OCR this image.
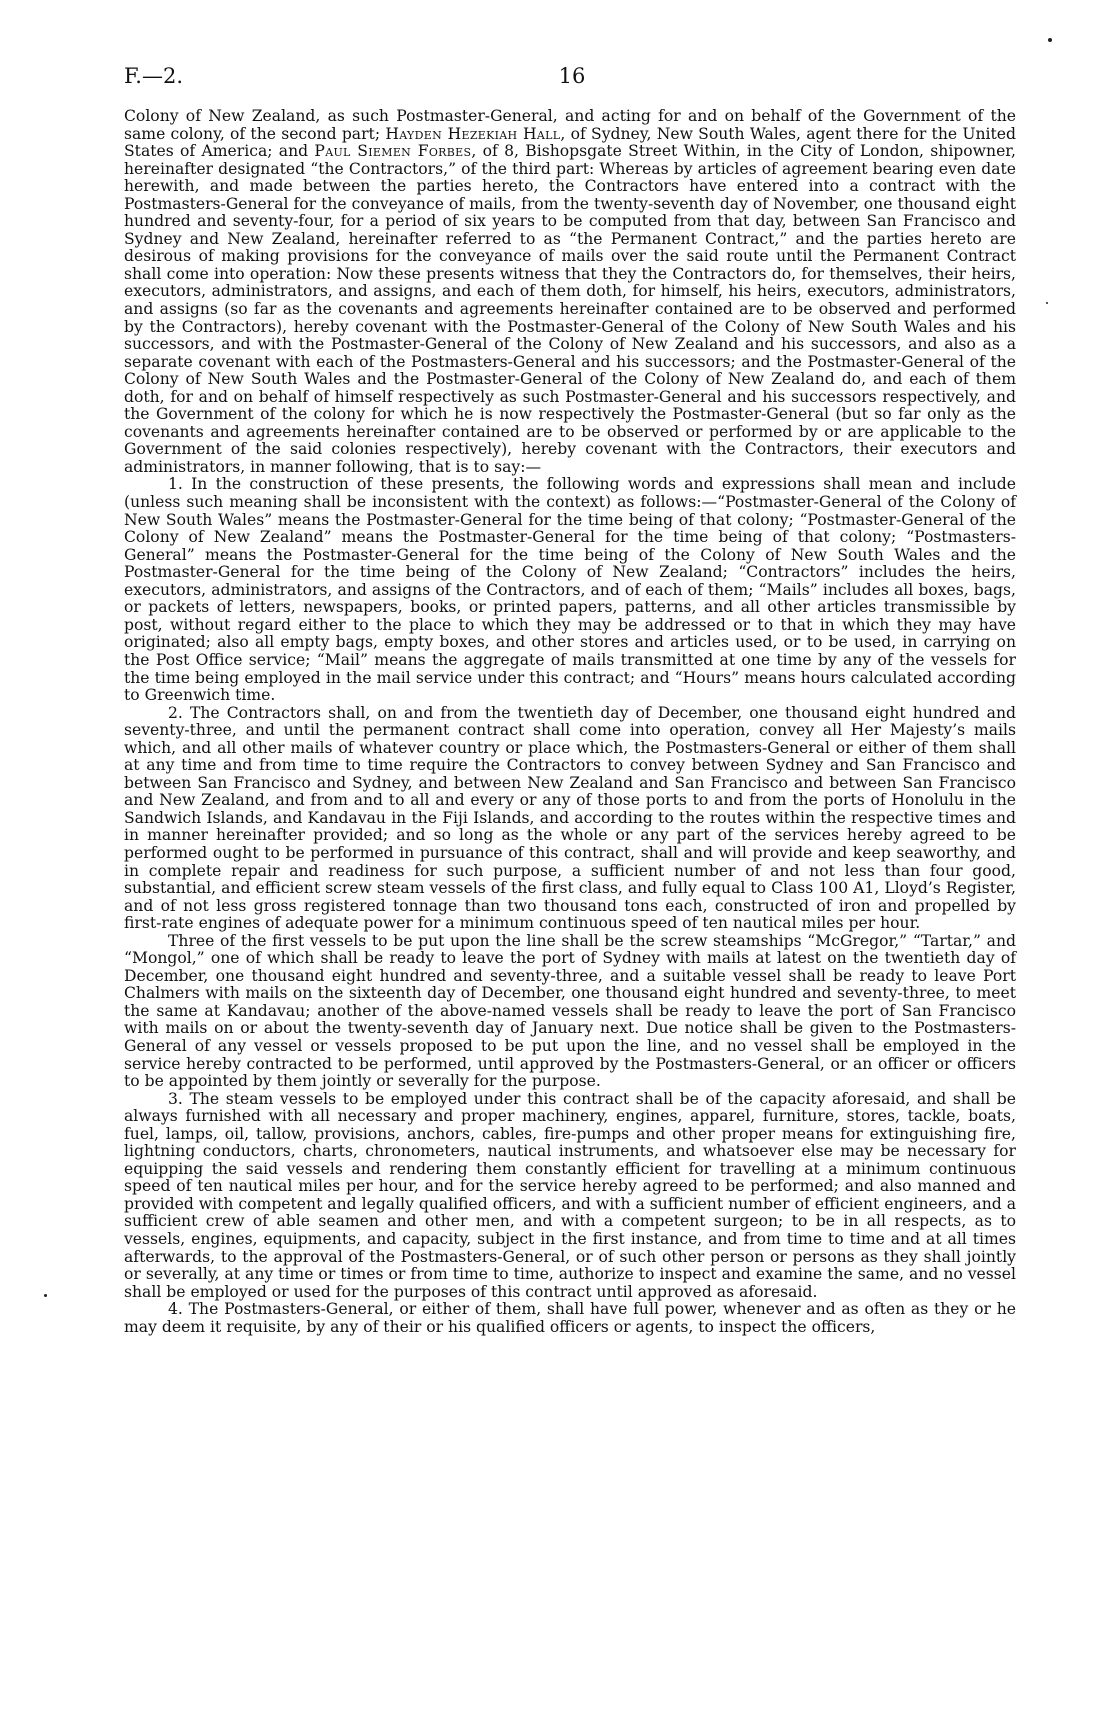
F.—2.	16

Colony of New Zealand, as such Postmaster-General, and acting for and on behalf of the Government of the same colony, of the second part; Hayden Hezekiah Hall, of Sydney, New South Wales, agent there for the United States of America; and Paul Siemen Forbes, of 8, Bishopsgate Street Within, in the City of London, shipowner, hereinafter designated “the Contractors,” of the third part: Whereas by articles of agreement bearing even date herewith, and made between the parties hereto, the Contractors have entered into a contract with the Postmasters-General for the conveyance of mails, from the twenty-seventh day of November, one thousand eight hundred and seventy-four, for a period of six years to be computed from that day, between San Francisco and Sydney and New Zealand, hereinafter referred to as “the Permanent Contract,” and the parties hereto are desirous of making provisions for the conveyance of mails over the said route until the Permanent Contract shall come into operation: Now these presents witness that they the Contractors do, for themselves, their heirs, executors, administrators, and assigns, and each of them doth, for himself, his heirs, executors, administrators, and assigns (so far as the covenants and agreements hereinafter contained are to be observed and performed by the Contractors), hereby covenant with the Postmaster-General of the Colony of New South Wales and his successors, and with the Postmaster-General of the Colony of New Zealand and his successors, and also as a separate covenant with each of the Postmasters-General and his successors; and the Postmaster-General of the Colony of New South Wales and the Postmaster-General of the Colony of New Zealand do, and each of them doth, for and on behalf of himself respectively as such Postmaster-General and his successors respectively, and the Government of the colony for which he is now respectively the Postmaster-General (but so far only as the covenants and agreements hereinafter contained are to be observed or performed by or are applicable to the Government of the said colonies respectively), hereby covenant with the Contractors, their executors and administrators, in manner following, that is to say:—

1. In the construction of these presents, the following words and expressions shall mean and include (unless such meaning shall be inconsistent with the context) as follows:—“Postmaster-General of the Colony of New South Wales” means the Postmaster-General for the time being of that colony; “Postmaster-General of the Colony of New Zealand” means the Postmaster-General for the time being of that colony; “Postmasters-General” means the Postmaster-General for the time being of the Colony of New South Wales and the Postmaster-General for the time being of the Colony of New Zealand; “Contractors” includes the heirs, executors, administrators, and assigns of the Contractors, and of each of them; “Mails” includes all boxes, bags, or packets of letters, newspapers, books, or printed papers, patterns, and all other articles transmissible by post, without regard either to the place to which they may be addressed or to that in which they may have originated; also all empty bags, empty boxes, and other stores and articles used, or to be used, in carrying on the Post Office service; “Mail” means the aggregate of mails transmitted at one time by any of the vessels for the time being employed in the mail service under this contract; and “Hours” means hours calculated according to Greenwich time.

2. The Contractors shall, on and from the twentieth day of December, one thousand eight hundred and seventy-three, and until the permanent contract shall come into operation, convey all Her Majesty’s mails which, and all other mails of whatever country or place which, the Postmasters-General or either of them shall at any time and from time to time require the Contractors to convey between Sydney and San Francisco and between San Francisco and Sydney, and between New Zealand and San Francisco and between San Francisco and New Zealand, and from and to all and every or any of those ports to and from the ports of Honolulu in the Sandwich Islands, and Kandavau in the Fiji Islands, and according to the routes within the respective times and in manner hereinafter provided; and so long as the whole or any part of the services hereby agreed to be performed ought to be performed in pursuance of this contract, shall and will provide and keep seaworthy, and in complete repair and readiness for such purpose, a sufficient number of and not less than four good, substantial, and efficient screw steam vessels of the first class, and fully equal to Class 100 A1, Lloyd’s Register, and of not less gross registered tonnage than two thousand tons each, constructed of iron and propelled by first-rate engines of adequate power for a minimum continuous speed of ten nautical miles per hour.

Three of the first vessels to be put upon the line shall be the screw steamships “McGregor,” “Tartar,” and “Mongol,” one of which shall be ready to leave the port of Sydney with mails at latest on the twentieth day of December, one thousand eight hundred and seventy-three, and a suitable vessel shall be ready to leave Port Chalmers with mails on the sixteenth day of December, one thousand eight hundred and seventy-three, to meet the same at Kandavau; another of the above-named vessels shall be ready to leave the port of San Francisco with mails on or about the twenty-seventh day of January next. Due notice shall be given to the Postmasters-General of any vessel or vessels proposed to be put upon the line, and no vessel shall be employed in the service hereby contracted to be performed, until approved by the Postmasters-General, or an officer or officers to be appointed by them jointly or severally for the purpose.

3. The steam vessels to be employed under this contract shall be of the capacity aforesaid, and shall be always furnished with all necessary and proper machinery, engines, apparel, furniture, stores, tackle, boats, fuel, lamps, oil, tallow, provisions, anchors, cables, fire-pumps and other proper means for extinguishing fire, lightning conductors, charts, chronometers, nautical instruments, and whatsoever else may be necessary for equipping the said vessels and rendering them constantly efficient for travelling at a minimum continuous speed of ten nautical miles per hour, and for the service hereby agreed to be performed; and also manned and provided with competent and legally qualified officers, and with a sufficient number of efficient engineers, and a sufficient crew of able seamen and other men, and with a competent surgeon; to be in all respects, as to vessels, engines, equipments, and capacity, subject in the first instance, and from time to time and at all times afterwards, to the approval of the Postmasters-General, or of such other person or persons as they shall jointly or severally, at any time or times or from time to time, authorize to inspect and examine the same, and no vessel shall be employed or used for the purposes of this contract until approved as aforesaid.

4. The Postmasters-General, or either of them, shall have full power, whenever and as often as they or he may deem it requisite, by any of their or his qualified officers or agents, to inspect the officers,
